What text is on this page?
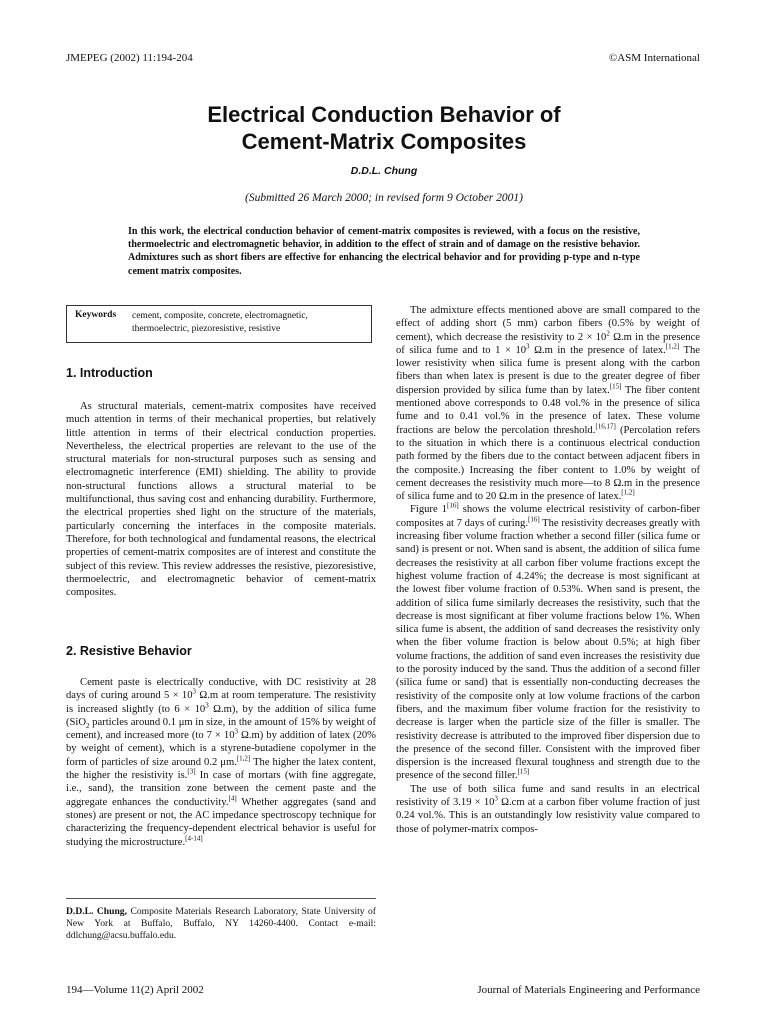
JMEPEG (2002) 11:194-204	©ASM International
Electrical Conduction Behavior of
Cement-Matrix Composites
D.D.L. Chung
(Submitted 26 March 2000; in revised form 9 October 2001)
In this work, the electrical conduction behavior of cement-matrix composites is reviewed, with a focus on the resistive, thermoelectric and electromagnetic behavior, in addition to the effect of strain and of damage on the resistive behavior. Admixtures such as short fibers are effective for enhancing the electrical behavior and for providing p-type and n-type cement matrix composites.
Keywords cement, composite, concrete, electromagnetic, thermoelectric, piezoresistive, resistive
1. Introduction

As structural materials, cement-matrix composites have received much attention in terms of their mechanical properties, but relatively little attention in terms of their electrical conduction properties. Nevertheless, the electrical properties are relevant to the use of the structural materials for non-structural purposes such as sensing and electromagnetic interference (EMI) shielding. The ability to provide non-structural functions allows a structural material to be multifunctional, thus saving cost and enhancing durability. Furthermore, the electrical properties shed light on the structure of the materials, particularly concerning the interfaces in the composite materials. Therefore, for both technological and fundamental reasons, the electrical properties of cement-matrix composites are of interest and constitute the subject of this review. This review addresses the resistive, piezoresistive, thermoelectric, and electromagnetic behavior of cement-matrix composites.

2. Resistive Behavior

Cement paste is electrically conductive, with DC resistivity at 28 days of curing around $5 \times 10^3$ Ω.m at room temperature. The resistivity is increased slightly (to $6 \times 10^3$ Ω.m), by the addition of silica fume (SiO$_2$ particles around 0.1 μm in size, in the amount of 15% by weight of cement), and increased more (to $7 \times 10^3$ Ω.m) by addition of latex (20% by weight of cement), which is a styrene-butadiene copolymer in the form of particles of size around 0.2 μm.[1,2] The higher the latex content, the higher the resistivity is.[3] In case of mortars (with fine aggregate, i.e., sand), the transition zone between the cement paste and the aggregate enhances the conductivity.[4] Whether aggregates (sand and stones) are present or not, the AC impedance spectroscopy technique for characterizing the frequency-dependent electrical behavior is useful for studying the microstructure.[4-14]

D.D.L. Chung, Composite Materials Research Laboratory, State University of New York at Buffalo, Buffalo, NY 14260-4400. Contact e-mail: ddlchung@acsu.buffalo.edu.

The admixture effects mentioned above are small compared to the effect of adding short (5 mm) carbon fibers (0.5% by weight of cement), which decrease the resistivity to $2 \times 10^2$ Ω.m in the presence of silica fume and to $1 \times 10^3$ Ω.m in the presence of latex.[1,2] The lower resistivity when silica fume is present along with the carbon fibers than when latex is present is due to the greater degree of fiber dispersion provided by silica fume than by latex.[15] The fiber content mentioned above corresponds to 0.48 vol.% in the presence of silica fume and to 0.41 vol.% in the presence of latex. These volume fractions are below the percolation threshold.[16,17] (Percolation refers to the situation in which there is a continuous electrical conduction path formed by the fibers due to the contact between adjacent fibers in the composite.) Increasing the fiber content to 1.0% by weight of cement decreases the resistivity much more—to 8 Ω.m in the presence of silica fume and to 20 Ω.m in the presence of latex.[1,2]

Figure 1[16] shows the volume electrical resistivity of carbon-fiber composites at 7 days of curing.[16] The resistivity decreases greatly with increasing fiber volume fraction whether a second filler (silica fume or sand) is present or not. When sand is absent, the addition of silica fume decreases the resistivity at all carbon fiber volume fractions except the highest volume fraction of 4.24%; the decrease is most significant at the lowest fiber volume fraction of 0.53%. When sand is present, the addition of silica fume similarly decreases the resistivity, such that the decrease is most significant at fiber volume fractions below 1%. When silica fume is absent, the addition of sand decreases the resistivity only when the fiber volume fraction is below about 0.5%; at high fiber volume fractions, the addition of sand even increases the resistivity due to the porosity induced by the sand. Thus the addition of a second filler (silica fume or sand) that is essentially non-conducting decreases the resistivity of the composite only at low volume fractions of the carbon fibers, and the maximum fiber volume fraction for the resistivity to decrease is larger when the particle size of the filler is smaller. The resistivity decrease is attributed to the improved fiber dispersion due to the presence of the second filler. Consistent with the improved fiber dispersion is the increased flexural toughness and strength due to the presence of the second filler.[15]

The use of both silica fume and sand results in an electrical resistivity of $3.19 \times 10^3$ Ω.cm at a carbon fiber volume fraction of just 0.24 vol.%. This is an outstandingly low resistivity value compared to those of polymer-matrix compos-

194—Volume 11(2) April 2002	Journal of Materials Engineering and Performance
